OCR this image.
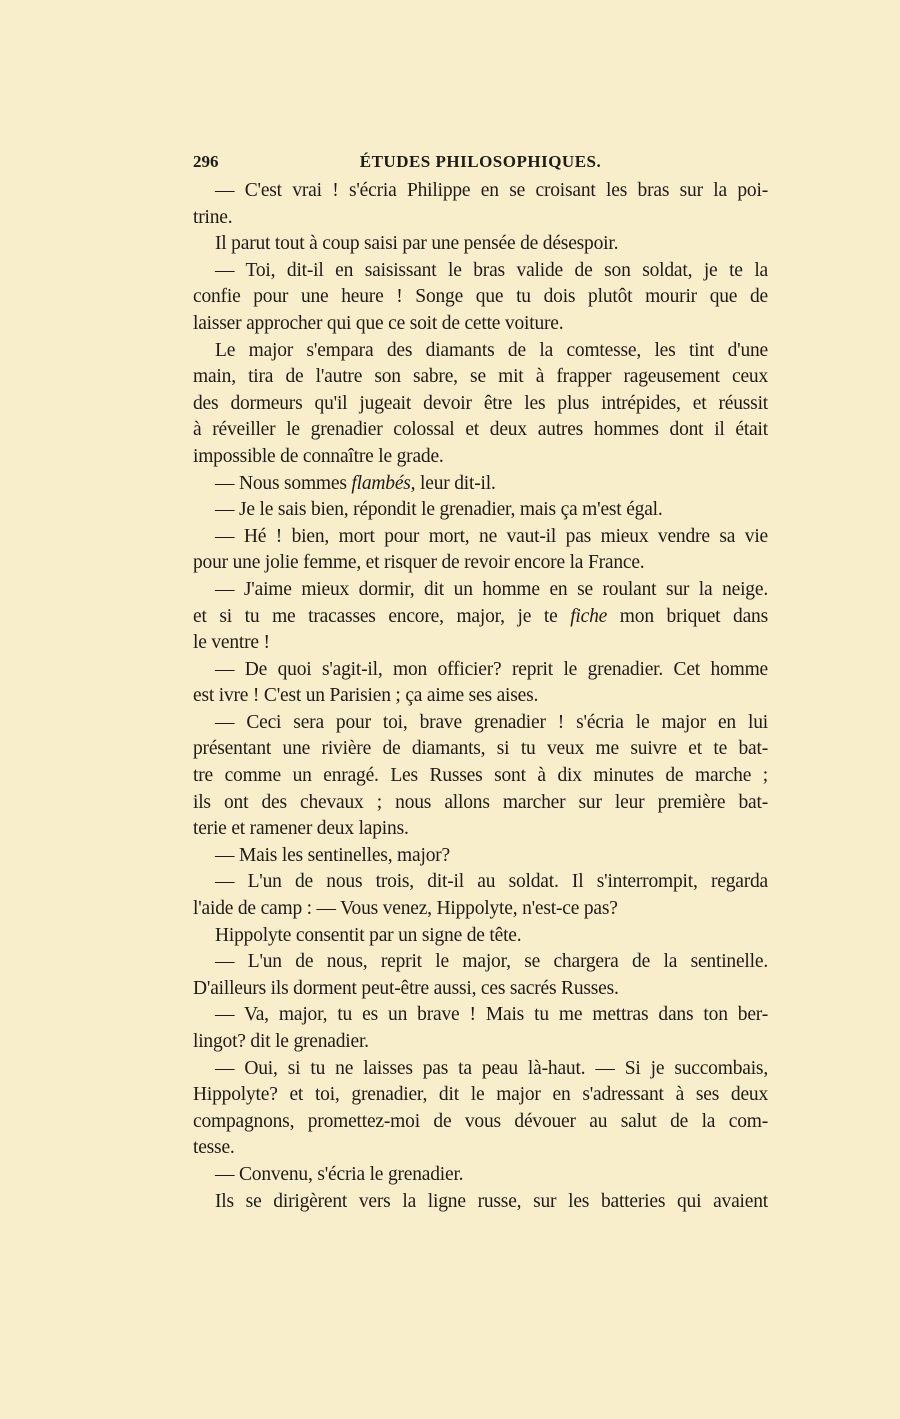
296	ÉTUDES PHILOSOPHIQUES.
— C'est vrai ! s'écria Philippe en se croisant les bras sur la poi-
trine.
Il parut tout à coup saisi par une pensée de désespoir.
— Toi, dit-il en saisissant le bras valide de son soldat, je te la
confie pour une heure ! Songe que tu dois plutôt mourir que de
laisser approcher qui que ce soit de cette voiture.
Le major s'empara des diamants de la comtesse, les tint d'une
main, tira de l'autre son sabre, se mit à frapper rageusement ceux
des dormeurs qu'il jugeait devoir être les plus intrépides, et réussit
à réveiller le grenadier colossal et deux autres hommes dont il était
impossible de connaître le grade.
— Nous sommes flambés, leur dit-il.
— Je le sais bien, répondit le grenadier, mais ça m'est égal.
— Hé ! bien, mort pour mort, ne vaut-il pas mieux vendre sa vie
pour une jolie femme, et risquer de revoir encore la France.
— J'aime mieux dormir, dit un homme en se roulant sur la neige.
et si tu me tracasses encore, major, je te fiche mon briquet dans
le ventre !
— De quoi s'agit-il, mon officier? reprit le grenadier. Cet homme
est ivre ! C'est un Parisien ; ça aime ses aises.
— Ceci sera pour toi, brave grenadier ! s'écria le major en lui
présentant une rivière de diamants, si tu veux me suivre et te bat-
tre comme un enragé. Les Russes sont à dix minutes de marche ;
ils ont des chevaux ; nous allons marcher sur leur première bat-
terie et ramener deux lapins.
— Mais les sentinelles, major?
— L'un de nous trois, dit-il au soldat. Il s'interrompit, regarda
l'aide de camp : — Vous venez, Hippolyte, n'est-ce pas?
Hippolyte consentit par un signe de tête.
— L'un de nous, reprit le major, se chargera de la sentinelle.
D'ailleurs ils dorment peut-être aussi, ces sacrés Russes.
— Va, major, tu es un brave ! Mais tu me mettras dans ton ber-
lingot? dit le grenadier.
— Oui, si tu ne laisses pas ta peau là-haut. — Si je succombais,
Hippolyte? et toi, grenadier, dit le major en s'adressant à ses deux
compagnons, promettez-moi de vous dévouer au salut de la com-
tesse.
— Convenu, s'écria le grenadier.
Ils se dirigèrent vers la ligne russe, sur les batteries qui avaient
